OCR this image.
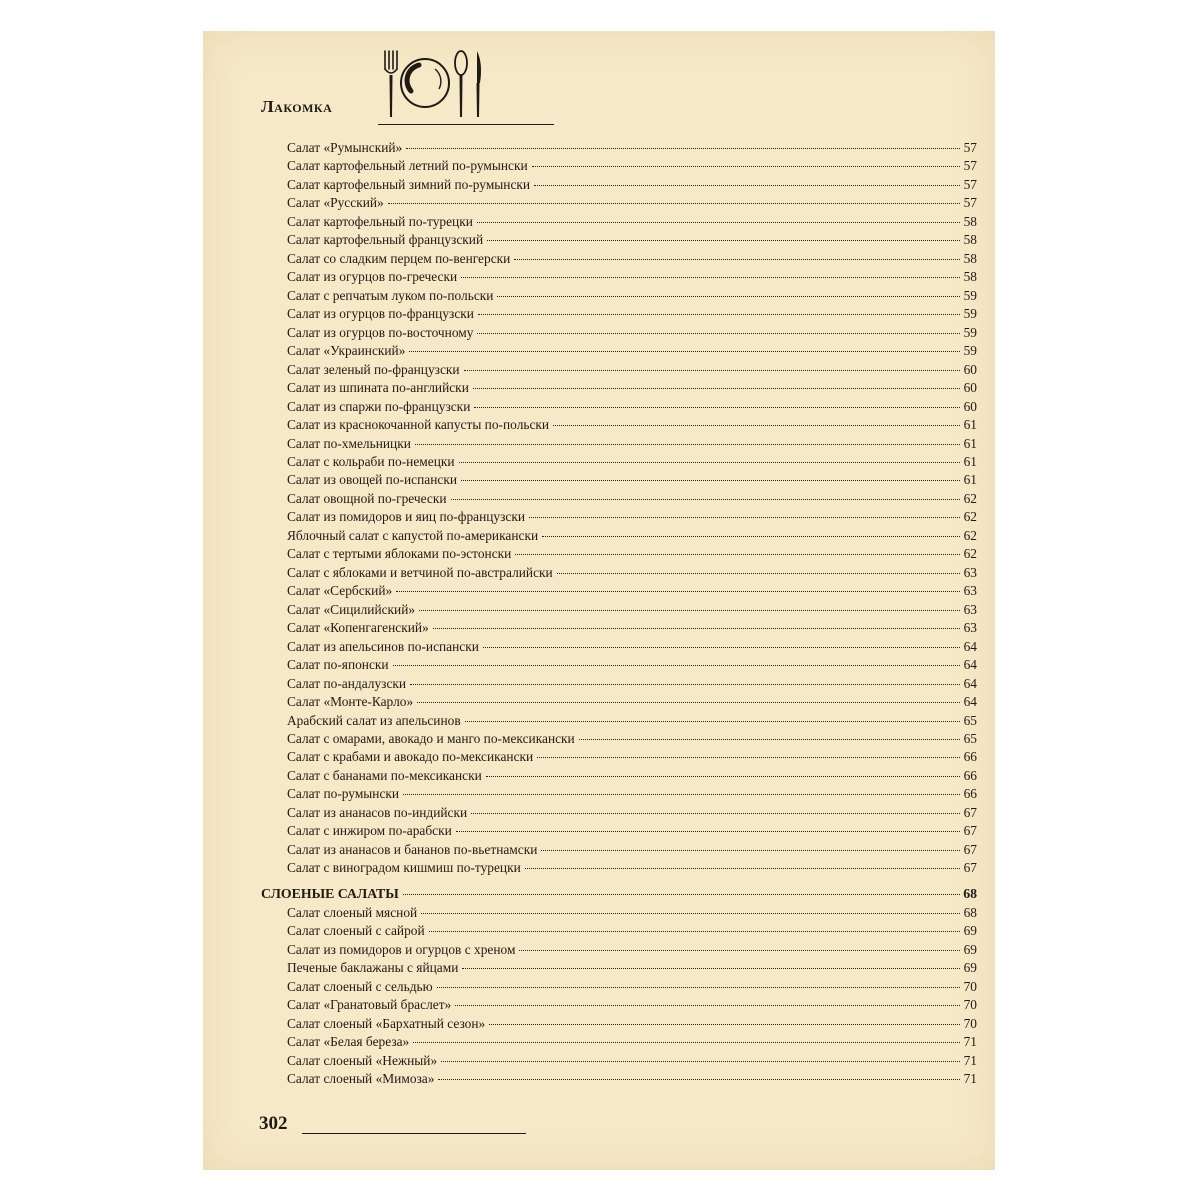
Лакомка
Салат «Румынский»	57
Салат картофельный летний по-румынски	57
Салат картофельный зимний по-румынски	57
Салат «Русский»	57
Салат картофельный по-турецки	58
Салат картофельный французский	58
Салат со сладким перцем по-венгерски	58
Салат из огурцов по-гречески	58
Салат с репчатым луком по-польски	59
Салат из огурцов по-французски	59
Салат из огурцов по-восточному	59
Салат «Украинский»	59
Салат зеленый по-французски	60
Салат из шпината по-английски	60
Салат из спаржи по-французски	60
Салат из краснокочанной капусты по-польски	61
Салат по-хмельницки	61
Салат с кольраби по-немецки	61
Салат из овощей по-испански	61
Салат овощной по-гречески	62
Салат из помидоров и яиц по-французски	62
Яблочный салат с капустой по-американски	62
Салат с тертыми яблоками по-эстонски	62
Салат с яблоками и ветчиной по-австралийски	63
Салат «Сербский»	63
Салат «Сицилийский»	63
Салат «Копенгагенский»	63
Салат из апельсинов по-испански	64
Салат по-японски	64
Салат по-андалузски	64
Салат «Монте-Карло»	64
Арабский салат из апельсинов	65
Салат с омарами, авокадо и манго по-мексикански	65
Салат с крабами и авокадо по-мексикански	66
Салат с бананами по-мексикански	66
Салат по-румынски	66
Салат из ананасов по-индийски	67
Салат с инжиром по-арабски	67
Салат из ананасов и бананов по-вьетнамски	67
Салат с виноградом кишмиш по-турецки	67
СЛОЕНЫЕ САЛАТЫ	68
Салат слоеный мясной	68
Салат слоеный с сайрой	69
Салат из помидоров и огурцов с хреном	69
Печеные баклажаны с яйцами	69
Салат слоеный с сельдью	70
Салат «Гранатовый браслет»	70
Салат слоеный «Бархатный сезон»	70
Салат «Белая береза»	71
Салат слоеный «Нежный»	71
Салат слоеный «Мимоза»	71
302
